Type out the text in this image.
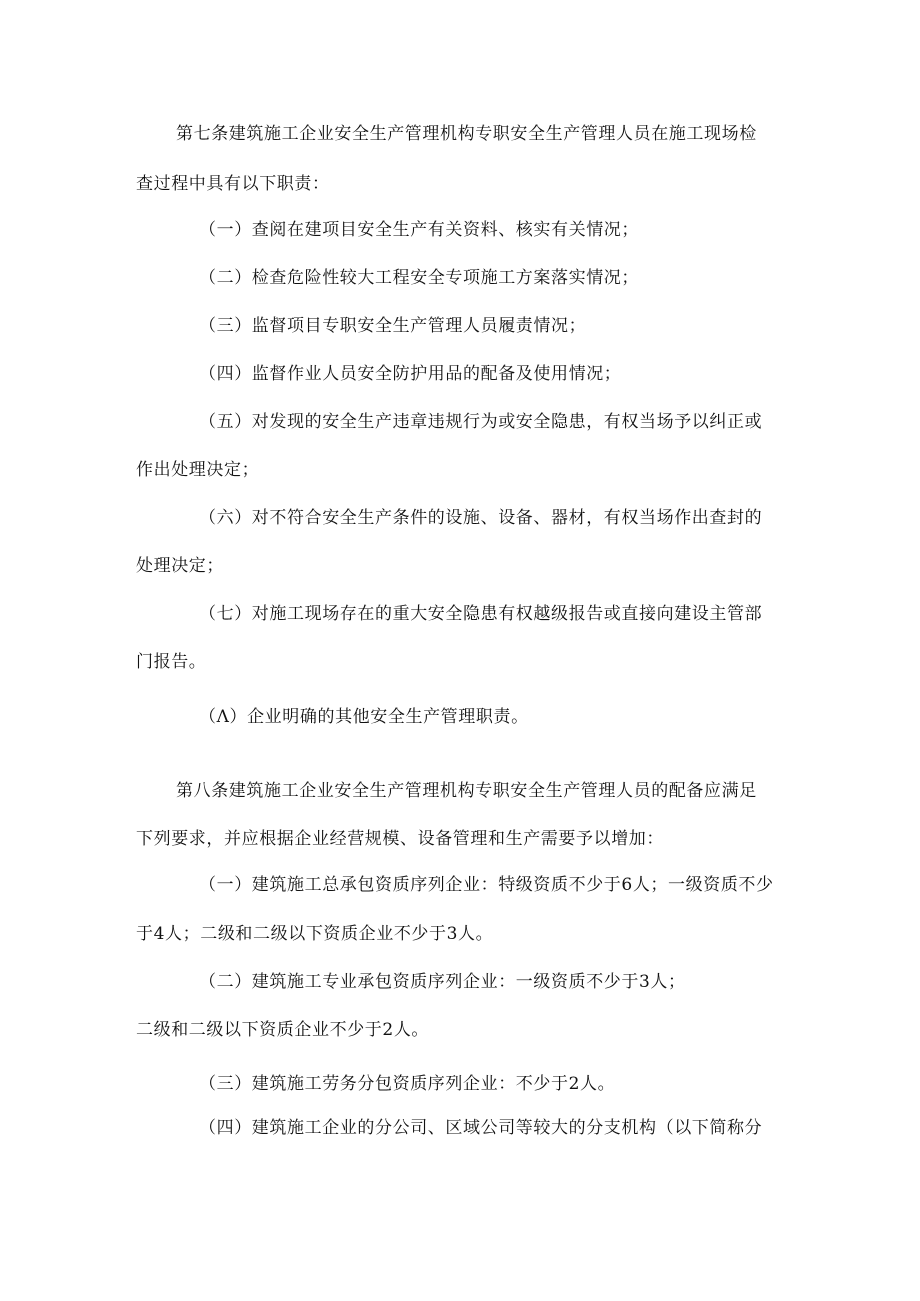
第七条建筑施工企业安全生产管理机构专职安全生产管理人员在施工现场检
查过程中具有以下职责：
（一）查阅在建项目安全生产有关资料、核实有关情况；
（二）检查危险性较大工程安全专项施工方案落实情况；
（三）监督项目专职安全生产管理人员履责情况；
（四）监督作业人员安全防护用品的配备及使用情况；
（五）对发现的安全生产违章违规行为或安全隐患，有权当场予以纠正或
作出处理决定；
（六）对不符合安全生产条件的设施、设备、器材，有权当场作出查封的
处理决定；
（七）对施工现场存在的重大安全隐患有权越级报告或直接向建设主管部
门报告。
（Λ）企业明确的其他安全生产管理职责。
第八条建筑施工企业安全生产管理机构专职安全生产管理人员的配备应满足
下列要求，并应根据企业经营规模、设备管理和生产需要予以增加：
（一）建筑施工总承包资质序列企业：特级资质不少于6人；一级资质不少
于4人；二级和二级以下资质企业不少于3人。
（二）建筑施工专业承包资质序列企业：一级资质不少于3人；
二级和二级以下资质企业不少于2人。
（三）建筑施工劳务分包资质序列企业：不少于2人。
（四）建筑施工企业的分公司、区域公司等较大的分支机构（以下简称分
